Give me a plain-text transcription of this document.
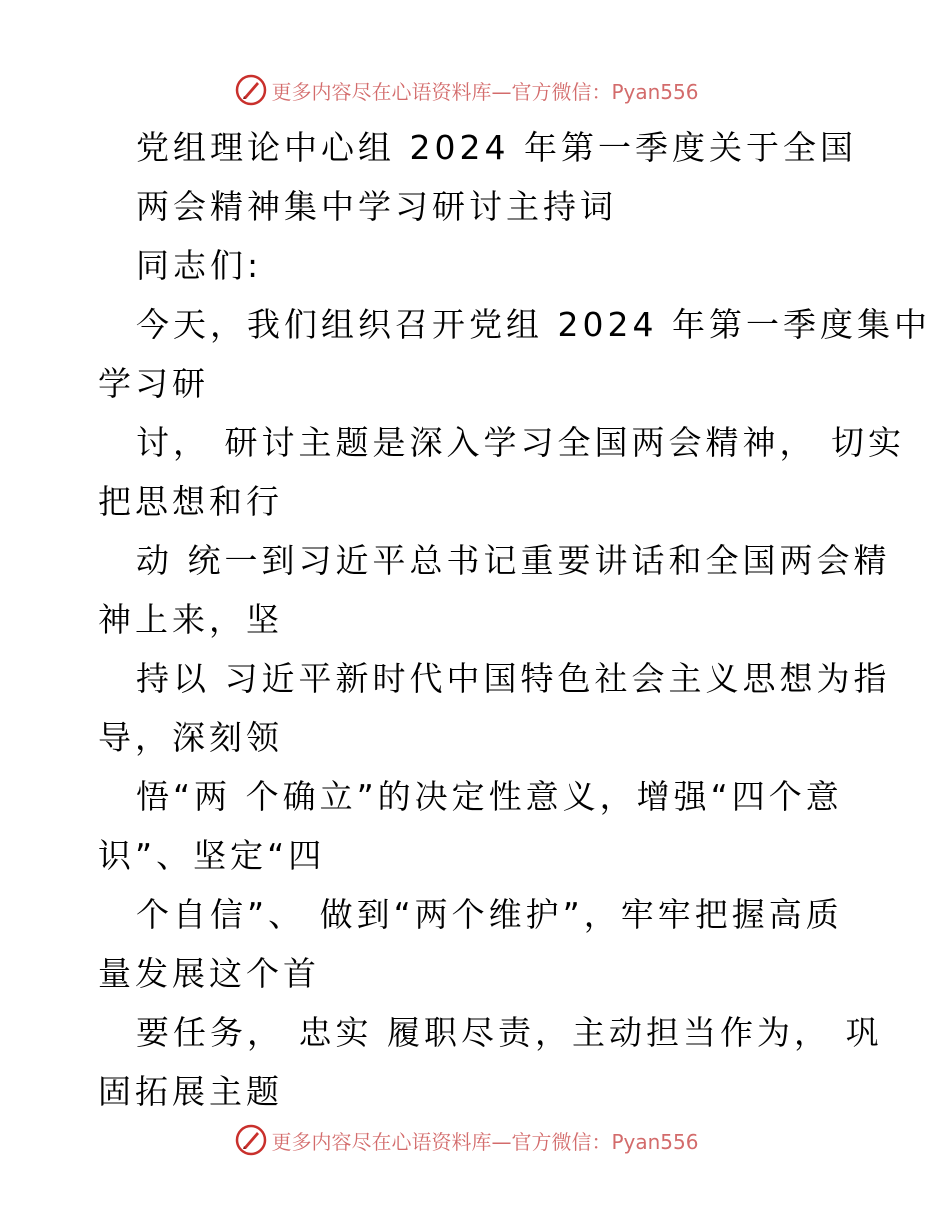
更多内容尽在心语资料库—官方微信：Pyan556
党组理论中心组 2024 年第一季度关于全国
两会精神集中学习研讨主持词
同志们:
今天，我们组织召开党组 2024 年第一季度集中
学习研
讨， 研讨主题是深入学习全国两会精神， 切实
把思想和行
动 统一到习近平总书记重要讲话和全国两会精
神上来，坚
持以 习近平新时代中国特色社会主义思想为指
导，深刻领
悟“两 个确立”的决定性意义，增强“四个意
识”、坚定“四
个自信”、 做到“两个维护”，牢牢把握高质
量发展这个首
要任务， 忠实 履职尽责，主动担当作为， 巩
固拓展主题
更多内容尽在心语资料库—官方微信：Pyan556
